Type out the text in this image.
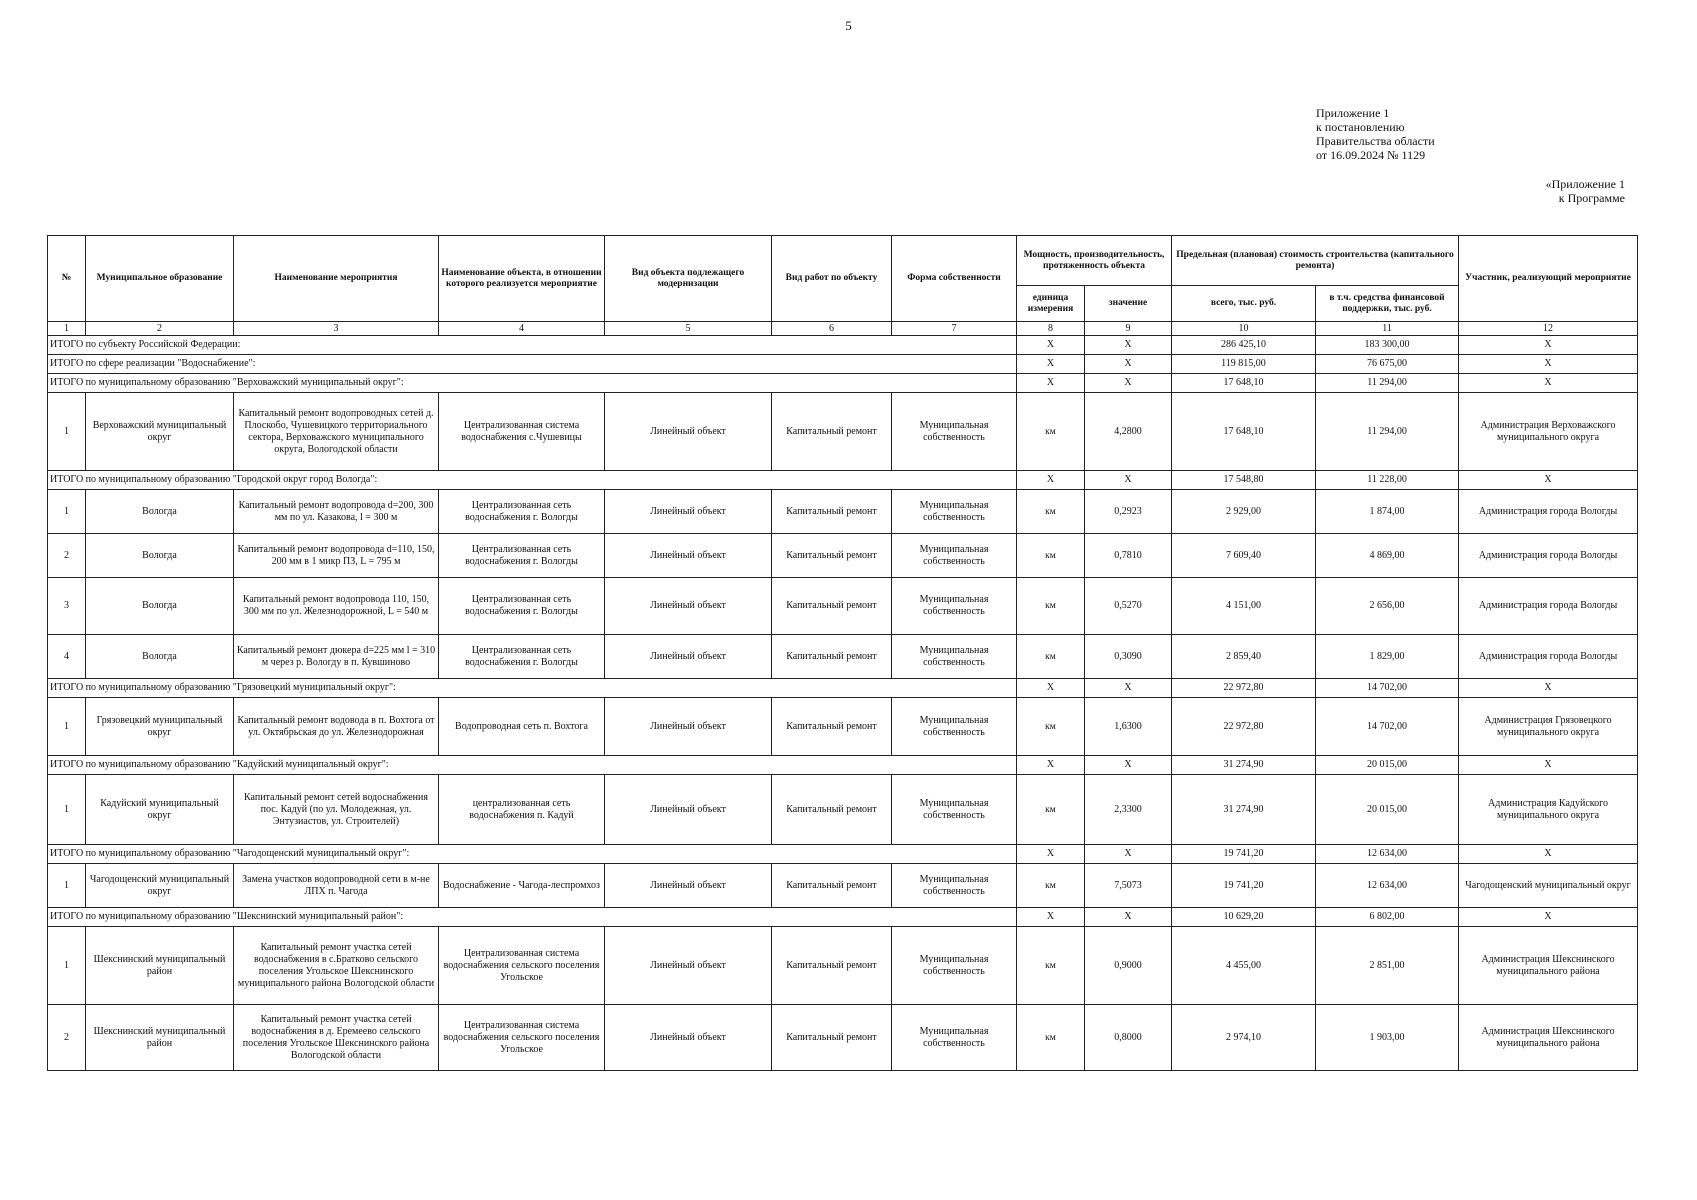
5
Приложение 1
к постановлению
Правительства области
от 16.09.2024 № 1129
«Приложение 1
к Программе
№	Муниципальное образование	Наименование мероприятия	Наименование объекта, в отношении которого реализуется мероприятие	Вид объекта подлежащего модернизации	Вид работ по объекту	Форма собственности	Мощность, производительность, протяженность объекта		Предельная (плановая) стоимость строительства (капитального ремонта)		Участник, реализующий мероприятие
							единица измерения	значение	всего, тыс. руб.	в т.ч. средства финансовой поддержки, тыс. руб.	
1	2	3	4	5	6	7	8	9	10	11	12
ИТОГО по субъекту Российской Федерации:							X	X	286 425,10	183 300,00	X
ИТОГО по сфере реализации "Водоснабжение":							X	X	119 815,00	76 675,00	X
ИТОГО по муниципальному образованию "Верховажский муниципальный округ":							X	X	17 648,10	11 294,00	X
1	Верховажский муниципальный округ	Капитальный ремонт водопроводных сетей д. Плоскобо, Чушевицкого территориального сектора, Верховажского муниципального округа, Вологодской области	Централизованная система водоснабжения с.Чушевицы	Линейный объект	Капитальный ремонт	Муниципальная собственность	км	4,2800	17 648,10	11 294,00	Администрация Верховажского муниципального округа
ИТОГО по муниципальному образованию "Городской округ город Вологда":							X	X	17 548,80	11 228,00	X
1	Вологда	Капитальный ремонт водопровода d=200, 300 мм по ул. Казакова, l = 300 м	Централизованная сеть водоснабжения г. Вологды	Линейный объект	Капитальный ремонт	Муниципальная собственность	км	0,2923	2 929,00	1 874,00	Администрация города Вологды
2	Вологда	Капитальный ремонт водопровода d=110, 150, 200 мм в 1 микр ПЗ, L = 795 м	Централизованная сеть водоснабжения г. Вологды	Линейный объект	Капитальный ремонт	Муниципальная собственность	км	0,7810	7 609,40	4 869,00	Администрация города Вологды
3	Вологда	Капитальный ремонт водопровода 110, 150, 300 мм по ул. Железнодорожной, L = 540 м	Централизованная сеть водоснабжения г. Вологды	Линейный объект	Капитальный ремонт	Муниципальная собственность	км	0,5270	4 151,00	2 656,00	Администрация города Вологды
4	Вологда	Капитальный ремонт дюкера d=225 мм l = 310 м через р. Вологду в п. Кувшиново	Централизованная сеть водоснабжения г. Вологды	Линейный объект	Капитальный ремонт	Муниципальная собственность	км	0,3090	2 859,40	1 829,00	Администрация города Вологды
ИТОГО по муниципальному образованию "Грязовецкий муниципальный округ":							X	X	22 972,80	14 702,00	X
1	Грязовецкий муниципальный округ	Капитальный ремонт водовода в п. Вохтога от ул. Октябрьская до ул. Железнодорожная	Водопроводная сеть п. Вохтога	Линейный объект	Капитальный ремонт	Муниципальная собственность	км	1,6300	22 972,80	14 702,00	Администрация Грязовецкого муниципального округа
ИТОГО по муниципальному образованию "Кадуйский муниципальный округ":							X	X	31 274,90	20 015,00	X
1	Кадуйский муниципальный округ	Капитальный ремонт сетей водоснабжения пос. Кадуй (по ул. Молодежная, ул. Энтузиастов, ул. Строителей)	централизованная сеть водоснабжения п. Кадуй	Линейный объект	Капитальный ремонт	Муниципальная собственность	км	2,3300	31 274,90	20 015,00	Администрация Кадуйского муниципального округа
ИТОГО по муниципальному образованию "Чагодощенский муниципальный округ":							X	X	19 741,20	12 634,00	X
1	Чагодощенский муниципальный округ	Замена участков водопроводной сети в м-не ЛПХ п. Чагода	Водоснабжение - Чагода-леспромхоз	Линейный объект	Капитальный ремонт	Муниципальная собственность	км	7,5073	19 741,20	12 634,00	Чагодощенский муниципальный округ
ИТОГО по муниципальному образованию "Шекснинский муниципальный район":							X	X	10 629,20	6 802,00	X
1	Шекснинский муниципальный район	Капитальный ремонт участка сетей водоснабжения в с.Братково сельского поселения Угольское Шекснинского муниципального района Вологодской области	Централизованная система водоснабжения сельского поселения Угольское	Линейный объект	Капитальный ремонт	Муниципальная собственность	км	0,9000	4 455,00	2 851,00	Администрация Шекснинского муниципального района
2	Шекснинский муниципальный район	Капитальный ремонт участка сетей водоснабжения в д. Еремеево сельского поселения Угольское Шекснинского района Вологодской области	Централизованная система водоснабжения сельского поселения Угольское	Линейный объект	Капитальный ремонт	Муниципальная собственность	км	0,8000	2 974,10	1 903,00	Администрация Шекснинского муниципального района
